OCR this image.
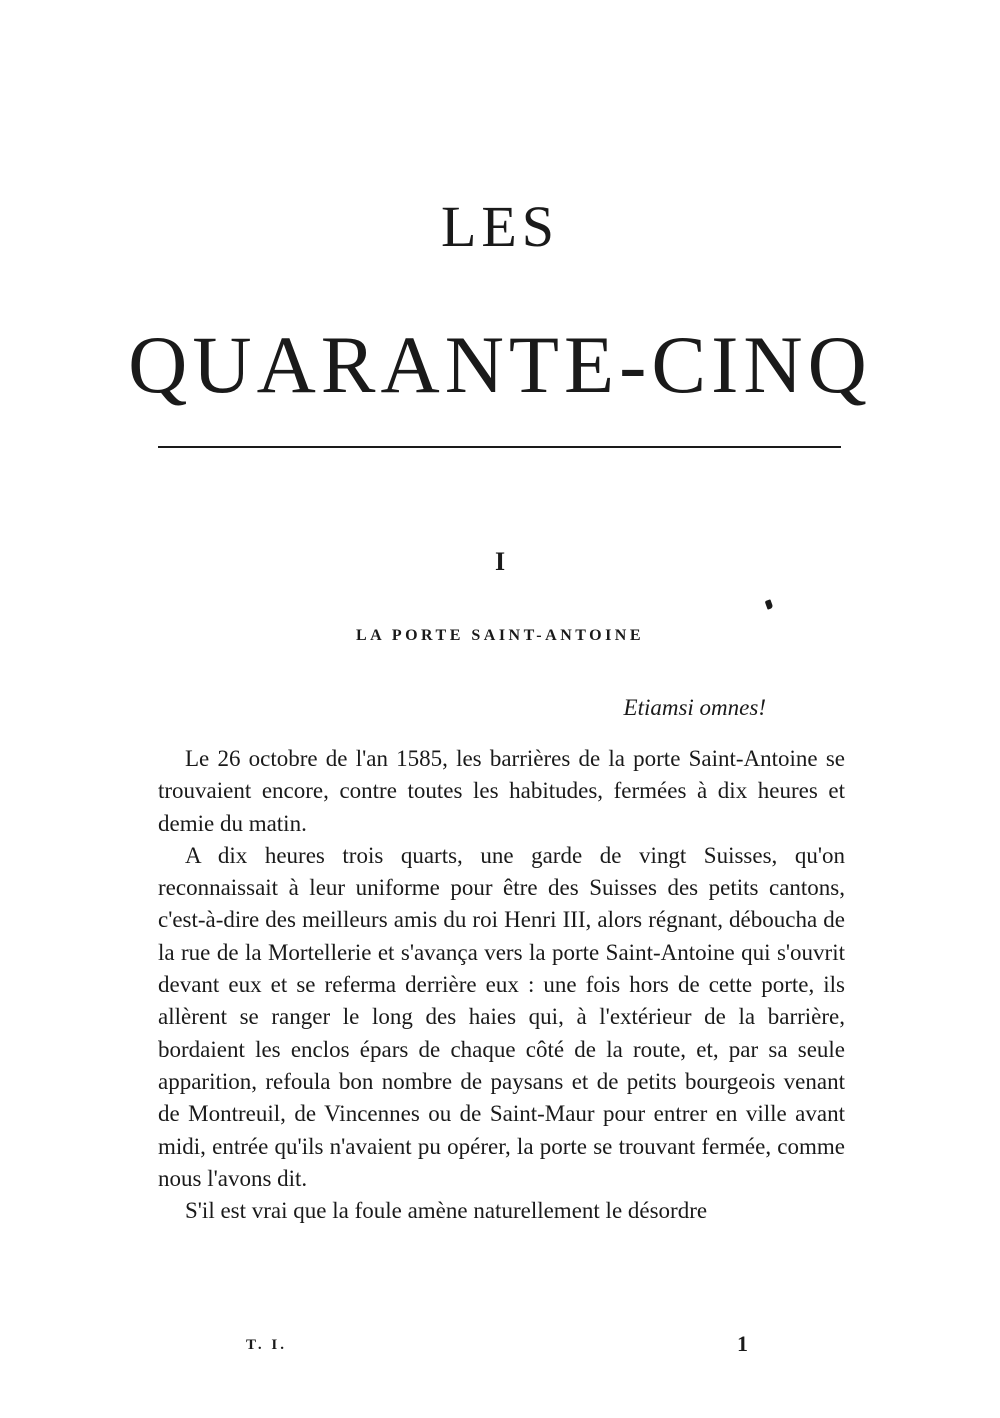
LES
QUARANTE-CINQ
I
LA PORTE SAINT-ANTOINE
Etiamsi omnes!

Le 26 octobre de l'an 1585, les barrières de la porte Saint-Antoine se trouvaient encore, contre toutes les habitudes, fermées à dix heures et demie du matin.

A dix heures trois quarts, une garde de vingt Suisses, qu'on reconnaissait à leur uniforme pour être des Suisses des petits cantons, c'est-à-dire des meilleurs amis du roi Henri III, alors régnant, déboucha de la rue de la Mortellerie et s'avança vers la porte Saint-Antoine qui s'ouvrit devant eux et se referma derrière eux : une fois hors de cette porte, ils allèrent se ranger le long des haies qui, à l'extérieur de la barrière, bordaient les enclos épars de chaque côté de la route, et, par sa seule apparition, refoula bon nombre de paysans et de petits bourgeois venant de Montreuil, de Vincennes ou de Saint-Maur pour entrer en ville avant midi, entrée qu'ils n'avaient pu opérer, la porte se trouvant fermée, comme nous l'avons dit.

S'il est vrai que la foule amène naturellement le désordre

T. I.	1
